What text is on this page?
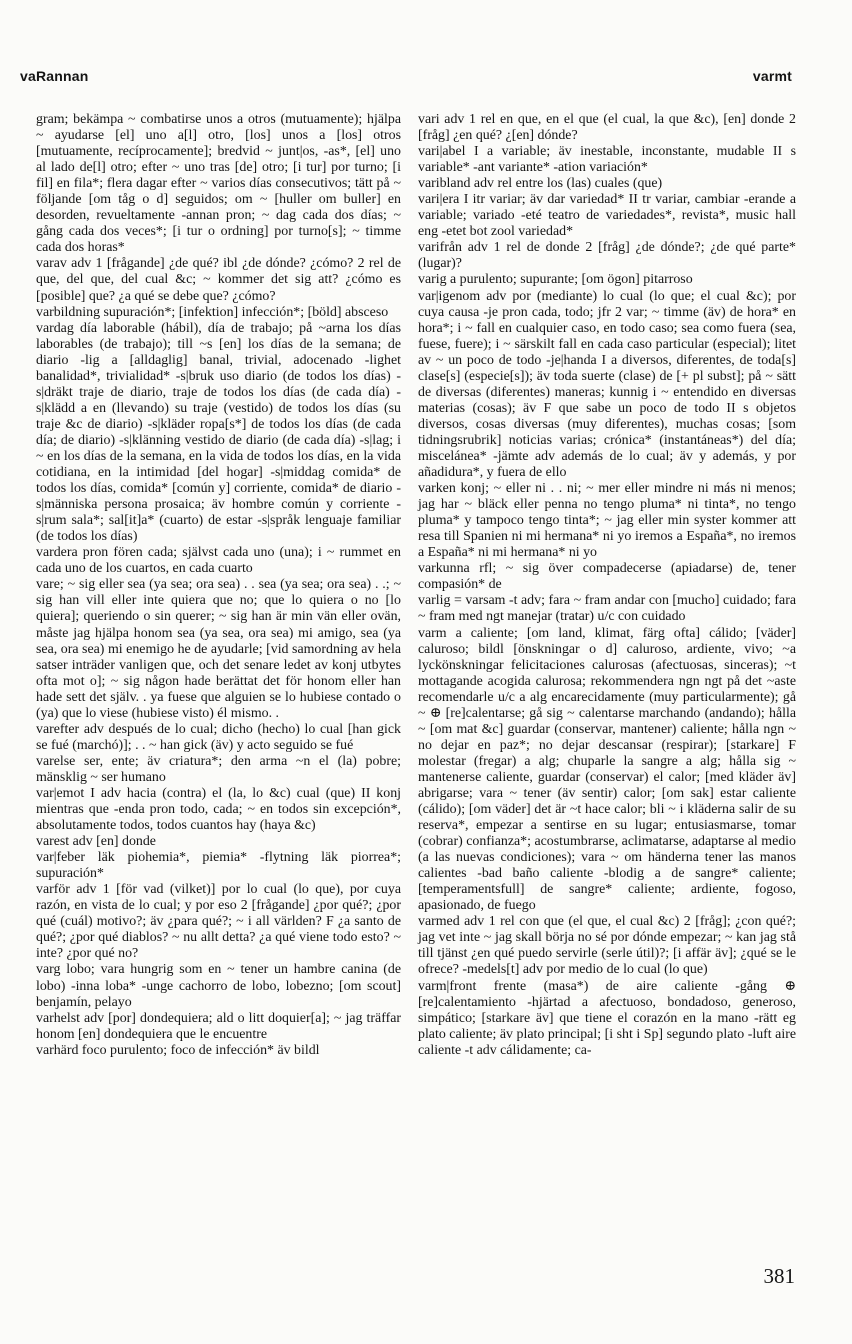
vaRannan	varmt

gram; bekämpa ~ combatirse unos a otros (mutuamente); hjälpa ~ ayudarse [el] uno a[l] otro, [los] unos a [los] otros [mutuamente, recíprocamente]; bredvid ~ junt|os, -as*, [el] uno al lado de[l] otro; efter ~ uno tras [de] otro; [i tur] por turno; [i fil] en fila*; flera dagar efter ~ varios días consecutivos; tätt på ~ följande [om tåg o d] seguidos; om ~ [huller om buller] en desorden, revueltamente -annan pron; ~ dag cada dos días; ~ gång cada dos veces*; [i tur o ordning] por turno[s]; ~ timme cada dos horas*

varav adv 1 [frågande] ¿de qué? ibl ¿de dónde? ¿cómo? 2 rel de que, del que, del cual &c; ~ kommer det sig att? ¿cómo es [posible] que? ¿a qué se debe que? ¿cómo?

varbildning supuración*; [infektion] infección*; [böld] absceso

vardag día laborable (hábil), día de trabajo; på ~arna los días laborables (de trabajo); till ~s [en] los días de la semana; de diario -lig a [alldaglig] banal, trivial, adocenado -lighet banalidad*, trivialidad* -s|bruk uso diario (de todos los días) -s|dräkt traje de diario, traje de todos los días (de cada día) -s|klädd a en (llevando) su traje (vestido) de todos los días (su traje &c de diario) -s|kläder ropa[s*] de todos los días (de cada día; de diario) -s|klänning vestido de diario (de cada día) -s|lag; i ~ en los días de la semana, en la vida de todos los días, en la vida cotidiana, en la intimidad [del hogar] -s|middag comida* de todos los días, comida* [común y] corriente, comida* de diario -s|människa persona prosaica; äv hombre común y corriente -s|rum sala*; sal[it]a* (cuarto) de estar -s|språk lenguaje familiar (de todos los días)

vardera pron fören cada; självst cada uno (una); i ~ rummet en cada uno de los cuartos, en cada cuarto

vare; ~ sig eller sea (ya sea; ora sea) . . sea (ya sea; ora sea) . .; ~ sig han vill eller inte quiera que no; que lo quiera o no [lo quiera]; queriendo o sin querer; ~ sig han är min vän eller ovän, måste jag hjälpa honom sea (ya sea, ora sea) mi amigo, sea (ya sea, ora sea) mi enemigo he de ayudarle; [vid samordning av hela satser inträder vanligen que, och det senare ledet av konj utbytes ofta mot o]; ~ sig någon hade berättat det för honom eller han hade sett det själv. . ya fuese que alguien se lo hubiese contado o (ya) que lo viese (hubiese visto) él mismo. .

varefter adv después de lo cual; dicho (hecho) lo cual [han gick se fué (marchó)]; . . ~ han gick (äv) y acto seguido se fué

varelse ser, ente; äv criatura*; den arma ~n el (la) pobre; mänsklig ~ ser humano

var|emot I adv hacia (contra) el (la, lo &c) cual (que) II konj mientras que -enda pron todo, cada; ~ en todos sin excepción*, absolutamente todos, todos cuantos hay (haya &c)

varest adv [en] donde

var|feber läk piohemia*, piemia* -flytning läk piorrea*; supuración*

varför adv 1 [för vad (vilket)] por lo cual (lo que), por cuya razón, en vista de lo cual; y por eso 2 [frågande] ¿por qué?; ¿por qué (cuál) motivo?; äv ¿para qué?; ~ i all världen? F ¿a santo de qué?; ¿por qué diablos? ~ nu allt detta? ¿a qué viene todo esto? ~ inte? ¿por qué no?

varg lobo; vara hungrig som en ~ tener un hambre canina (de lobo) -inna loba* -unge cachorro de lobo, lobezno; [om scout] benjamín, pelayo

varhelst adv [por] dondequiera; ald o litt doquier[a]; ~ jag träffar honom [en] dondequiera que le encuentre

varhärd foco purulento; foco de infección* äv bildl

vari adv 1 rel en que, en el que (el cual, la que &c), [en] donde 2 [fråg] ¿en qué? ¿[en] dónde?

vari|abel I a variable; äv inestable, inconstante, mudable II s variable* -ant variante* -ation variación*

varibland adv rel entre los (las) cuales (que)

vari|era I itr variar; äv dar variedad* II tr variar, cambiar -erande a variable; variado -eté teatro de variedades*, revista*, music hall eng -etet bot zool variedad*

varifrån adv 1 rel de donde 2 [fråg] ¿de dónde?; ¿de qué parte* (lugar)?

varig a purulento; supurante; [om ögon] pitarroso

var|igenom adv por (mediante) lo cual (lo que; el cual &c); por cuya causa -je pron cada, todo; jfr 2 var; ~ timme (äv) de hora* en hora*; i ~ fall en cualquier caso, en todo caso; sea como fuera (sea, fuese, fuere); i ~ särskilt fall en cada caso particular (especial); litet av ~ un poco de todo -je|handa I a diversos, diferentes, de toda[s] clase[s] (especie[s]); äv toda suerte (clase) de [+ pl subst]; på ~ sätt de diversas (diferentes) maneras; kunnig i ~ entendido en diversas materias (cosas); äv F que sabe un poco de todo II s objetos diversos, cosas diversas (muy diferentes), muchas cosas; [som tidningsrubrik] noticias varias; crónica* (instantáneas*) del día; miscelánea* -jämte adv además de lo cual; äv y además, y por añadidura*, y fuera de ello

varken konj; ~ eller ni . . ni; ~ mer eller mindre ni más ni menos; jag har ~ bläck eller penna no tengo pluma* ni tinta*, no tengo pluma* y tampoco tengo tinta*; ~ jag eller min syster kommer att resa till Spanien ni mi hermana* ni yo iremos a España*, no iremos a España* ni mi hermana* ni yo

varkunna rfl; ~ sig över compadecerse (apiadarse) de, tener compasión* de

varlig = varsam -t adv; fara ~ fram andar con [mucho] cuidado; fara ~ fram med ngt manejar (tratar) u/c con cuidado

varm a caliente; [om land, klimat, färg ofta] cálido; [väder] caluroso; bildl [önskningar o d] caluroso, ardiente, vivo; ~a lyckönskningar felicitaciones calurosas (afectuosas, sinceras); ~t mottagande acogida calurosa; rekommendera ngn ngt på det ~aste recomendarle u/c a alg encarecidamente (muy particularmente); gå ~ ⊕ [re]calentarse; gå sig ~ calentarse marchando (andando); hålla ~ [om mat &c] guardar (conservar, mantener) caliente; hålla ngn ~ no dejar en paz*; no dejar descansar (respirar); [starkare] F molestar (fregar) a alg; chuparle la sangre a alg; hålla sig ~ mantenerse caliente, guardar (conservar) el calor; [med kläder äv] abrigarse; vara ~ tener (äv sentir) calor; [om sak] estar caliente (cálido); [om väder] det är ~t hace calor; bli ~ i kläderna salir de su reserva*, empezar a sentirse en su lugar; entusiasmarse, tomar (cobrar) confianza*; acostumbrarse, aclimatarse, adaptarse al medio (a las nuevas condiciones); vara ~ om händerna tener las manos calientes -bad baño caliente -blodig a de sangre* caliente; [temperamentsfull] de sangre* caliente; ardiente, fogoso, apasionado, de fuego

varmed adv 1 rel con que (el que, el cual &c) 2 [fråg]; ¿con qué?; jag vet inte ~ jag skall börja no sé por dónde empezar; ~ kan jag stå till tjänst ¿en qué puedo servirle (serle útil)?; [i affär äv]; ¿qué se le ofrece? -medels[t] adv por medio de lo cual (lo que)

varm|front frente (masa*) de aire caliente -gång ⊕ [re]calentamiento -hjärtad a afectuoso, bondadoso, generoso, simpático; [starkare äv] que tiene el corazón en la mano -rätt eg plato caliente; äv plato principal; [i sht i Sp] segundo plato -luft aire caliente -t adv cálidamente; ca-

381
